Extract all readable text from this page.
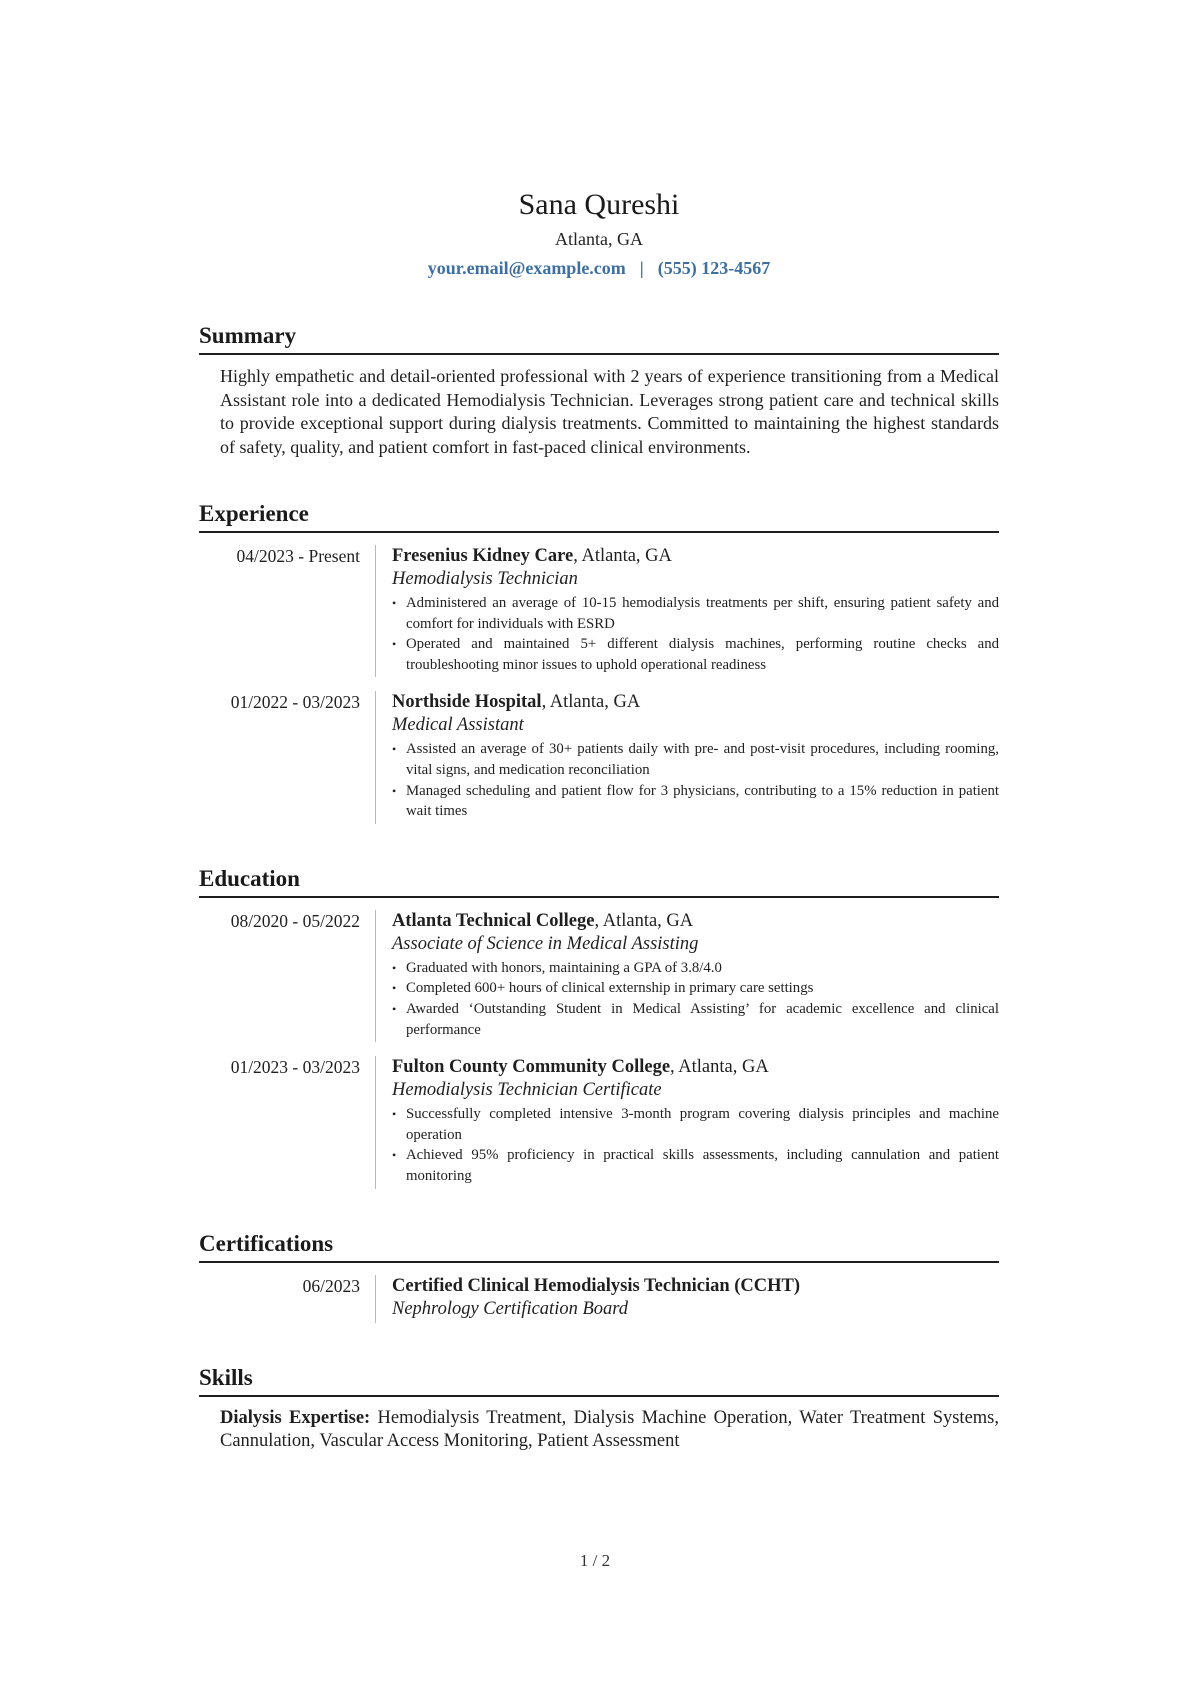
Sana Qureshi
Atlanta, GA
your.email@example.com | (555) 123-4567
Summary
Highly empathetic and detail-oriented professional with 2 years of experience transitioning from a Medical Assistant role into a dedicated Hemodialysis Technician. Leverages strong patient care and technical skills to provide exceptional support during dialysis treatments. Committed to maintaining the highest standards of safety, quality, and patient comfort in fast-paced clinical environments.
Experience
04/2023 - Present	Fresenius Kidney Care, Atlanta, GA
Hemodialysis Technician
• Administered an average of 10-15 hemodialysis treatments per shift, ensuring patient safety and comfort for individuals with ESRD
• Operated and maintained 5+ different dialysis machines, performing routine checks and troubleshooting minor issues to uphold operational readiness
01/2022 - 03/2023	Northside Hospital, Atlanta, GA
Medical Assistant
• Assisted an average of 30+ patients daily with pre- and post-visit procedures, including rooming, vital signs, and medication reconciliation
• Managed scheduling and patient flow for 3 physicians, contributing to a 15% reduction in patient wait times
Education
08/2020 - 05/2022	Atlanta Technical College, Atlanta, GA
Associate of Science in Medical Assisting
• Graduated with honors, maintaining a GPA of 3.8/4.0
• Completed 600+ hours of clinical externship in primary care settings
• Awarded ‘Outstanding Student in Medical Assisting’ for academic excellence and clinical performance
01/2023 - 03/2023	Fulton County Community College, Atlanta, GA
Hemodialysis Technician Certificate
• Successfully completed intensive 3-month program covering dialysis principles and machine operation
• Achieved 95% proficiency in practical skills assessments, including cannulation and patient monitoring
Certifications
06/2023	Certified Clinical Hemodialysis Technician (CCHT)
Nephrology Certification Board
Skills
Dialysis Expertise: Hemodialysis Treatment, Dialysis Machine Operation, Water Treatment Systems, Cannulation, Vascular Access Monitoring, Patient Assessment
1 / 2
